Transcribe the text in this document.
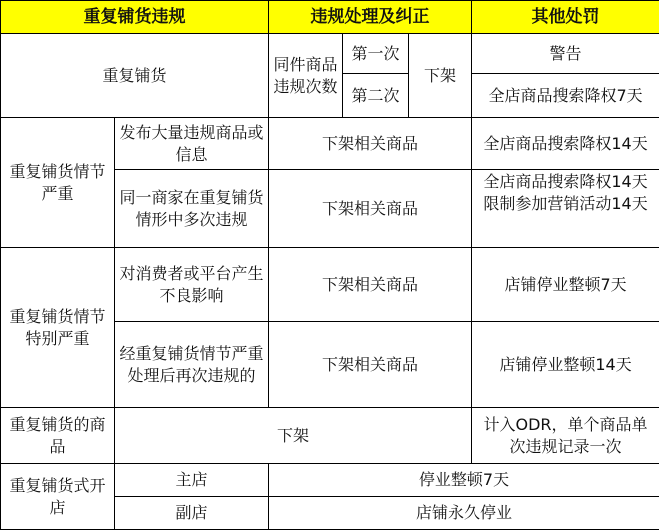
重复铺货违规		违规处理及纠正			其他处罚
重复铺货		同件商品违规次数	第一次	下架	警告
			第二次		全店商品搜索降权7天
重复铺货情节严重	发布大量违规商品或信息	下架相关商品			全店商品搜索降权14天
	同一商家在重复铺货情形中多次违规	下架相关商品			全店商品搜索降权14天
限制参加营销活动14天

重复铺货情节特别严重	对消费者或平台产生不良影响	下架相关商品			店铺停业整顿7天
	经重复铺货情节严重处理后再次违规的	下架相关商品			店铺停业整顿14天
重复铺货的商品	下架				计入ODR，单个商品单次违规记录一次
重复铺货式开店	主店	停业整顿7天			
	副店	店铺永久停业			
